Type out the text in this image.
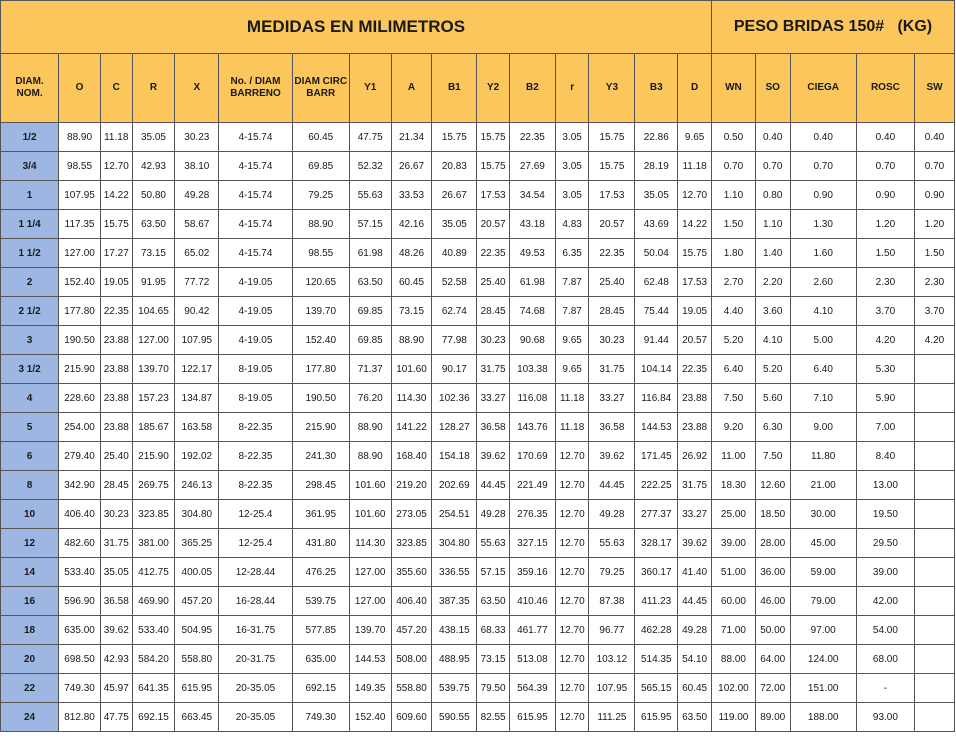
MEDIDAS EN MILIMETROS																PESO BRIDAS 150#   (KG)				
DIAM. NOM.	O	C	R	X	No. / DIAM BARRENO	DIAM CIRC BARR	Y1	A	B1	Y2	B2	r	Y3	B3	D	WN	SO	CIEGA	ROSC	SW
1/2	88.90	11.18	35.05	30.23	4-15.74	60.45	47.75	21.34	15.75	15.75	22.35	3.05	15.75	22.86	9.65	0.50	0.40	0.40	0.40	0.40
3/4	98.55	12.70	42.93	38.10	4-15.74	69.85	52.32	26.67	20.83	15.75	27.69	3.05	15.75	28.19	11.18	0.70	0.70	0.70	0.70	0.70
1	107.95	14.22	50.80	49.28	4-15.74	79.25	55.63	33.53	26.67	17.53	34.54	3.05	17.53	35.05	12.70	1.10	0.80	0.90	0.90	0.90
1 1/4	117.35	15.75	63.50	58.67	4-15.74	88.90	57.15	42.16	35.05	20.57	43.18	4.83	20.57	43.69	14.22	1.50	1.10	1.30	1.20	1.20
1 1/2	127.00	17.27	73.15	65.02	4-15.74	98.55	61.98	48.26	40.89	22.35	49.53	6.35	22.35	50.04	15.75	1.80	1.40	1.60	1.50	1.50
2	152.40	19.05	91.95	77.72	4-19.05	120.65	63.50	60.45	52.58	25.40	61.98	7.87	25.40	62.48	17.53	2.70	2.20	2.60	2.30	2.30
2 1/2	177.80	22.35	104.65	90.42	4-19.05	139.70	69.85	73.15	62.74	28.45	74.68	7.87	28.45	75.44	19.05	4.40	3.60	4.10	3.70	3.70
3	190.50	23.88	127.00	107.95	4-19.05	152.40	69.85	88.90	77.98	30.23	90.68	9.65	30.23	91.44	20.57	5.20	4.10	5.00	4.20	4.20
3 1/2	215.90	23.88	139.70	122.17	8-19.05	177.80	71.37	101.60	90.17	31.75	103.38	9.65	31.75	104.14	22.35	6.40	5.20	6.40	5.30	
4	228.60	23.88	157.23	134.87	8-19.05	190.50	76.20	114.30	102.36	33.27	116.08	11.18	33.27	116.84	23.88	7.50	5.60	7.10	5.90	
5	254.00	23.88	185.67	163.58	8-22.35	215.90	88.90	141.22	128.27	36.58	143.76	11.18	36.58	144.53	23.88	9.20	6.30	9.00	7.00	
6	279.40	25.40	215.90	192.02	8-22.35	241.30	88.90	168.40	154.18	39.62	170.69	12.70	39.62	171.45	26.92	11.00	7.50	11.80	8.40	
8	342.90	28.45	269.75	246.13	8-22.35	298.45	101.60	219.20	202.69	44.45	221.49	12.70	44.45	222.25	31.75	18.30	12.60	21.00	13.00	
10	406.40	30.23	323.85	304.80	12-25.4	361.95	101.60	273.05	254.51	49.28	276.35	12.70	49.28	277.37	33.27	25.00	18.50	30.00	19.50	
12	482.60	31.75	381.00	365.25	12-25.4	431.80	114.30	323.85	304.80	55.63	327.15	12.70	55.63	328.17	39.62	39.00	28.00	45.00	29.50	
14	533.40	35.05	412.75	400.05	12-28.44	476.25	127.00	355.60	336.55	57.15	359.16	12.70	79.25	360.17	41.40	51.00	36.00	59.00	39.00	
16	596.90	36.58	469.90	457.20	16-28.44	539.75	127.00	406.40	387.35	63.50	410.46	12.70	87.38	411.23	44.45	60.00	46.00	79.00	42.00	
18	635.00	39.62	533.40	504.95	16-31.75	577.85	139.70	457.20	438.15	68.33	461.77	12.70	96.77	462.28	49.28	71.00	50.00	97.00	54.00	
20	698.50	42.93	584.20	558.80	20-31.75	635.00	144.53	508.00	488.95	73.15	513.08	12.70	103.12	514.35	54.10	88.00	64.00	124.00	68.00	
22	749.30	45.97	641.35	615.95	20-35.05	692.15	149.35	558.80	539.75	79.50	564.39	12.70	107.95	565.15	60.45	102.00	72.00	151.00	-	
24	812.80	47.75	692.15	663.45	20-35.05	749.30	152.40	609.60	590.55	82.55	615.95	12.70	111.25	615.95	63.50	119.00	89.00	188.00	93.00	
